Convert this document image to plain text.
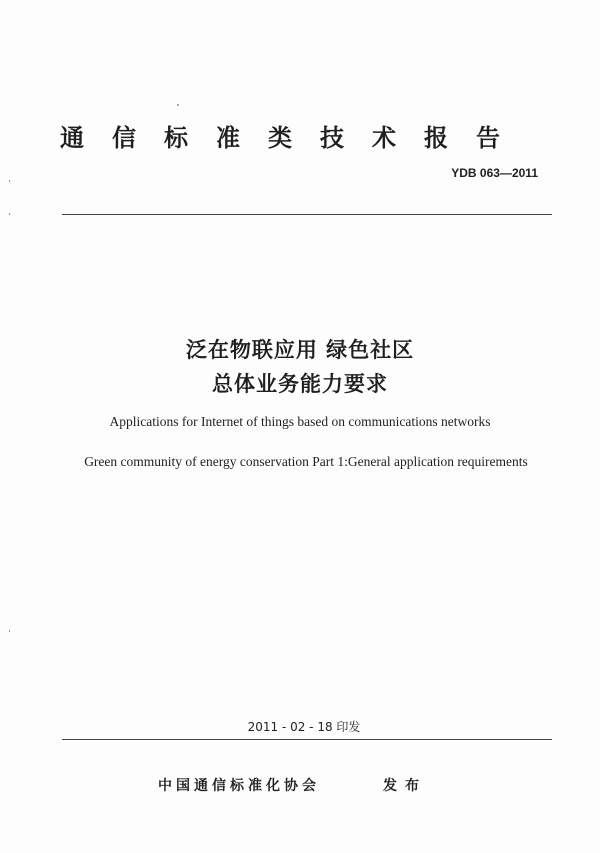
通信标准类技术报告
YDB 063—2011
泛在物联应用 绿色社区
总体业务能力要求
Applications for Internet of things based on communications networks
Green community of energy conservation Part 1:General application requirements
2011 - 02 - 18 印发
中国通信标准化协会	发布
